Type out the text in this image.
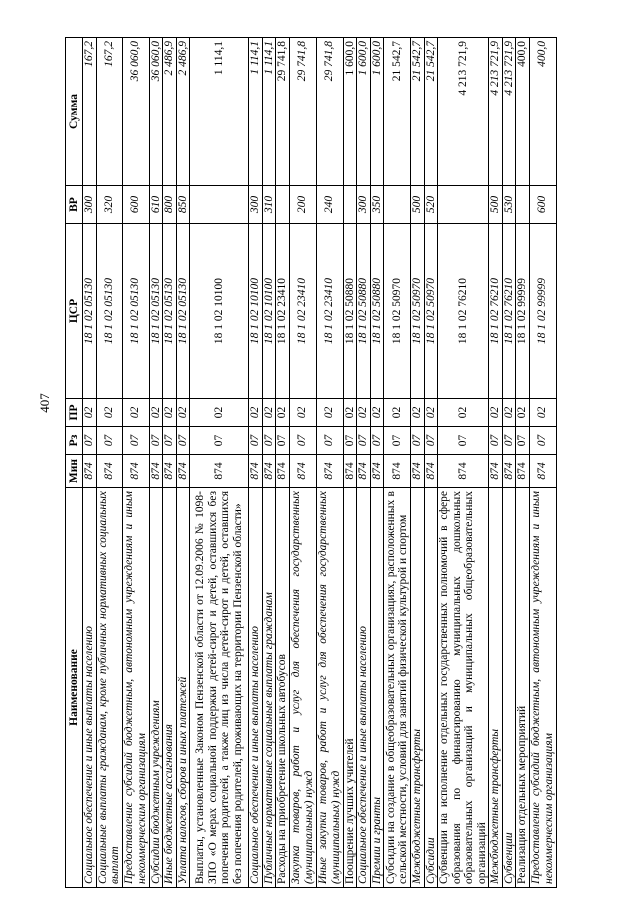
407
Наименование	Мин	Рз	ПР	ЦСР	ВР	Сумма
Социальное обеспечение и иные выплаты населению	874	07	02	18 1 02 05130	300	167,2
Социальные выплаты гражданам, кроме публичных нормативных социальных выплат	874	07	02	18 1 02 05130	320	167,2
Предоставление субсидий бюджетным, автономным учреждениям и иным некоммерческим организациям	874	07	02	18 1 02 05130	600	36 060,0
Субсидии бюджетным учреждениям	874	07	02	18 1 02 05130	610	36 060,0
Иные бюджетные ассигнования	874	07	02	18 1 02 05130	800	2 486,9
Уплата налогов, сборов и иных платежей	874	07	02	18 1 02 05130	850	2 486,9
Выплаты, установленные Законом Пензенской области от 12.09.2006 № 1098-ЗПО «О мерах социальной поддержки детей-сирот и детей, оставшихся без попечения родителей, а также лиц из числа детей-сирот и детей, оставшихся без попечения родителей, проживающих на территории Пензенской области»	874	07	02	18 1 02 10100		1 114,1
Социальное обеспечение и иные выплаты населению	874	07	02	18 1 02 10100	300	1 114,1
Публичные нормативные социальные выплаты гражданам	874	07	02	18 1 02 10100	310	1 114,1
Расходы на приобретение школьных автобусов	874	07	02	18 1 02 23410		29 741,8
Закупка товаров, работ и услуг для обеспечения государственных (муниципальных) нужд	874	07	02	18 1 02 23410	200	29 741,8
Иные закупки товаров, работ и услуг для обеспечения государственных (муниципальных) нужд	874	07	02	18 1 02 23410	240	29 741,8
Поощрение лучших учителей	874	07	02	18 1 02 50880		1 600,0
Социальное обеспечение и иные выплаты населению	874	07	02	18 1 02 50880	300	1 600,0
Премии и гранты	874	07	02	18 1 02 50880	350	1 600,0
Субсидии на создание в общеобразовательных организациях, расположенных в сельской местности, условий для занятий физической культурой и спортом	874	07	02	18 1 02 50970		21 542,7
Межбюджетные трансферты	874	07	02	18 1 02 50970	500	21 542,7
Субсидии	874	07	02	18 1 02 50970	520	21 542,7
Субвенции на исполнение отдельных государственных полномочий в сфере образования по финансированию муниципальных дошкольных образовательных организаций и муниципальных общеобразовательных организаций	874	07	02	18 1 02 76210		4 213 721,9
Межбюджетные трансферты	874	07	02	18 1 02 76210	500	4 213 721,9
Субвенции	874	07	02	18 1 02 76210	530	4 213 721,9
Реализация отдельных мероприятий	874	07	02	18 1 02 99999		400,0
Предоставление субсидий бюджетным, автономным учреждениям и иным некоммерческим организациям	874	07	02	18 1 02 99999	600	400,0
